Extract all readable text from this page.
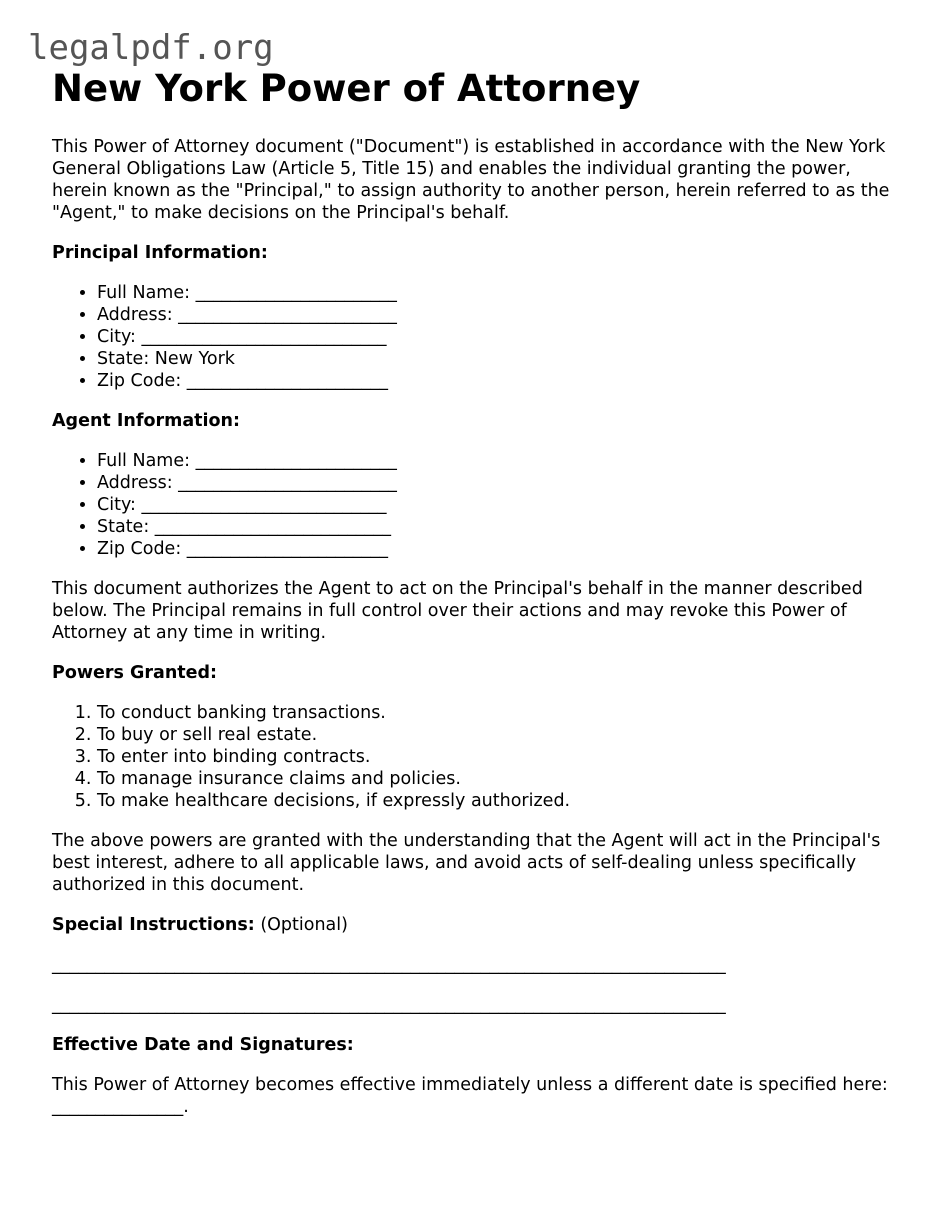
legalpdf.org
New York Power of Attorney

This Power of Attorney document ("Document") is established in accordance with the New York General Obligations Law (Article 5, Title 15) and enables the individual granting the power, herein known as the "Principal," to assign authority to another person, herein referred to as the "Agent," to make decisions on the Principal's behalf.

Principal Information:
• Full Name: _______________________
• Address: _________________________
• City: ____________________________
• State: New York
• Zip Code: _______________________
Agent Information:
• Full Name: _______________________
• Address: _________________________
• City: ____________________________
• State: ___________________________
• Zip Code: _______________________

This document authorizes the Agent to act on the Principal's behalf in the manner described below. The Principal remains in full control over their actions and may revoke this Power of Attorney at any time in writing.

Powers Granted:
1. To conduct banking transactions.
2. To buy or sell real estate.
3. To enter into binding contracts.
4. To manage insurance claims and policies.
5. To make healthcare decisions, if expressly authorized.

The above powers are granted with the understanding that the Agent will act in the Principal's best interest, adhere to all applicable laws, and avoid acts of self-dealing unless specifically authorized in this document.

Special Instructions: (Optional)
_____________________________________________________________________________
_____________________________________________________________________________
Effective Date and Signatures:

This Power of Attorney becomes effective immediately unless a different date is specified here: _______________.
